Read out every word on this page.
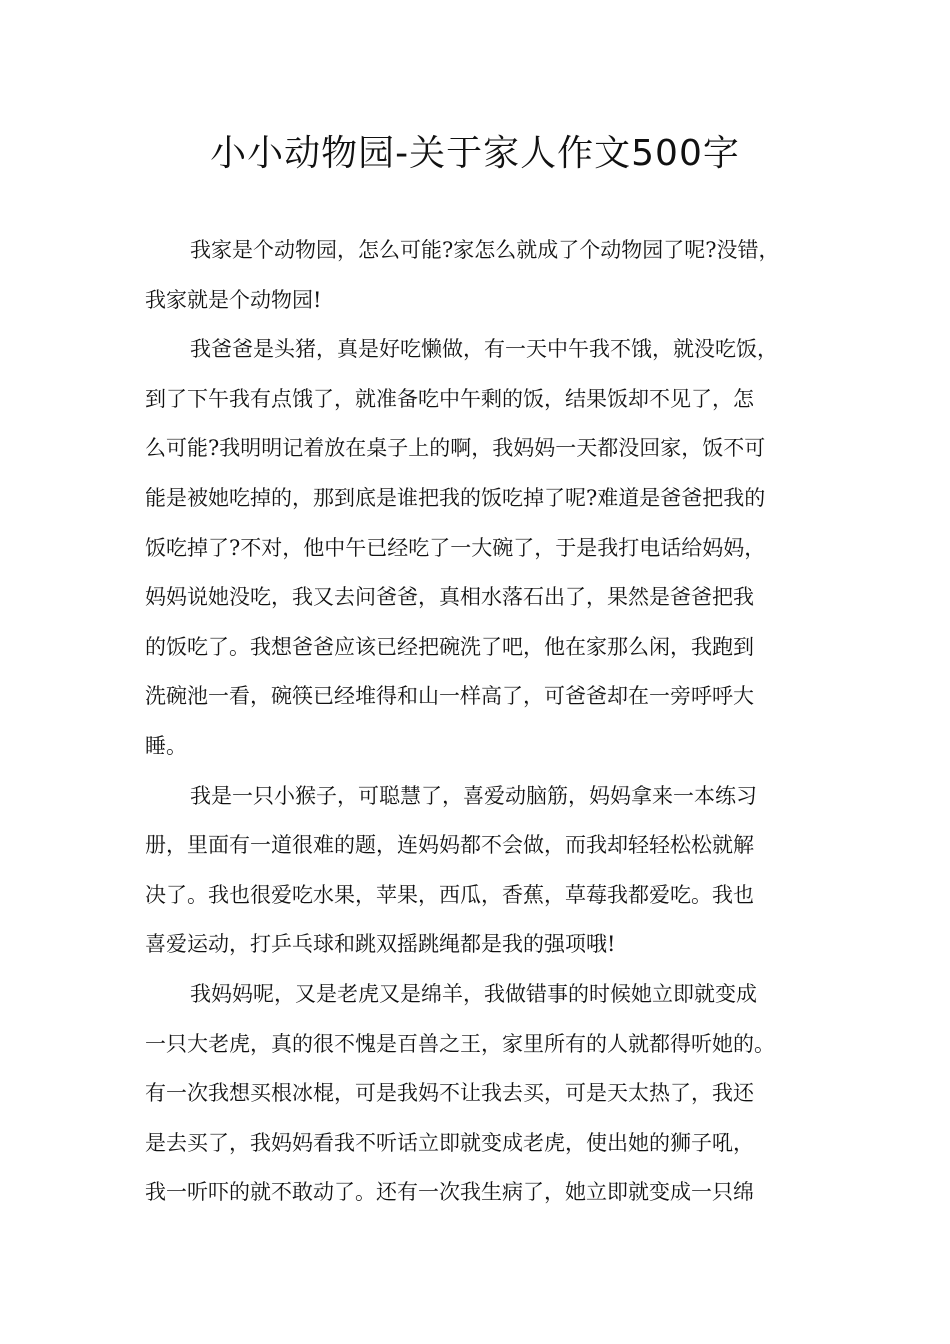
小小动物园-关于家人作文500字
我家是个动物园，怎么可能?家怎么就成了个动物园了呢?没错，
我家就是个动物园!
我爸爸是头猪，真是好吃懒做，有一天中午我不饿，就没吃饭，
到了下午我有点饿了，就准备吃中午剩的饭，结果饭却不见了，怎
么可能?我明明记着放在桌子上的啊，我妈妈一天都没回家，饭不可
能是被她吃掉的，那到底是谁把我的饭吃掉了呢?难道是爸爸把我的
饭吃掉了?不对，他中午已经吃了一大碗了，于是我打电话给妈妈，
妈妈说她没吃，我又去问爸爸，真相水落石出了，果然是爸爸把我
的饭吃了。我想爸爸应该已经把碗洗了吧，他在家那么闲，我跑到
洗碗池一看，碗筷已经堆得和山一样高了，可爸爸却在一旁呼呼大
睡。
我是一只小猴子，可聪慧了，喜爱动脑筋，妈妈拿来一本练习
册，里面有一道很难的题，连妈妈都不会做，而我却轻轻松松就解
决了。我也很爱吃水果，苹果，西瓜，香蕉，草莓我都爱吃。我也
喜爱运动，打乒乓球和跳双摇跳绳都是我的强项哦!
我妈妈呢，又是老虎又是绵羊，我做错事的时候她立即就变成
一只大老虎，真的很不愧是百兽之王，家里所有的人就都得听她的。
有一次我想买根冰棍，可是我妈不让我去买，可是天太热了，我还
是去买了，我妈妈看我不听话立即就变成老虎，使出她的狮子吼，
我一听吓的就不敢动了。还有一次我生病了，她立即就变成一只绵
